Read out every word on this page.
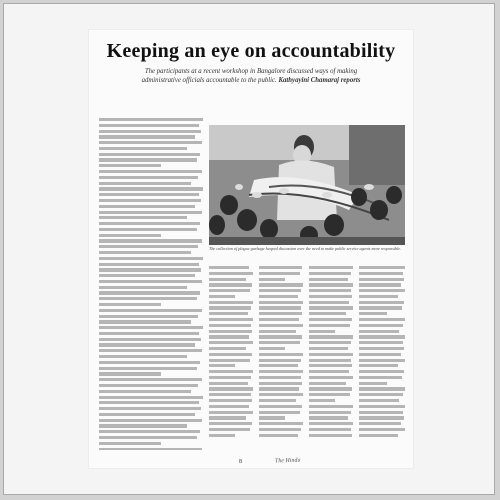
Keeping an eye on accountability
The participants at a recent workshop in Bangalore discussed ways of making administrative officials accountable to the public. Kathyayini Chamaraj reports
The collection of plague garbage heaped discussion over the need to make public service agents more responsible.
8	The Hindu
